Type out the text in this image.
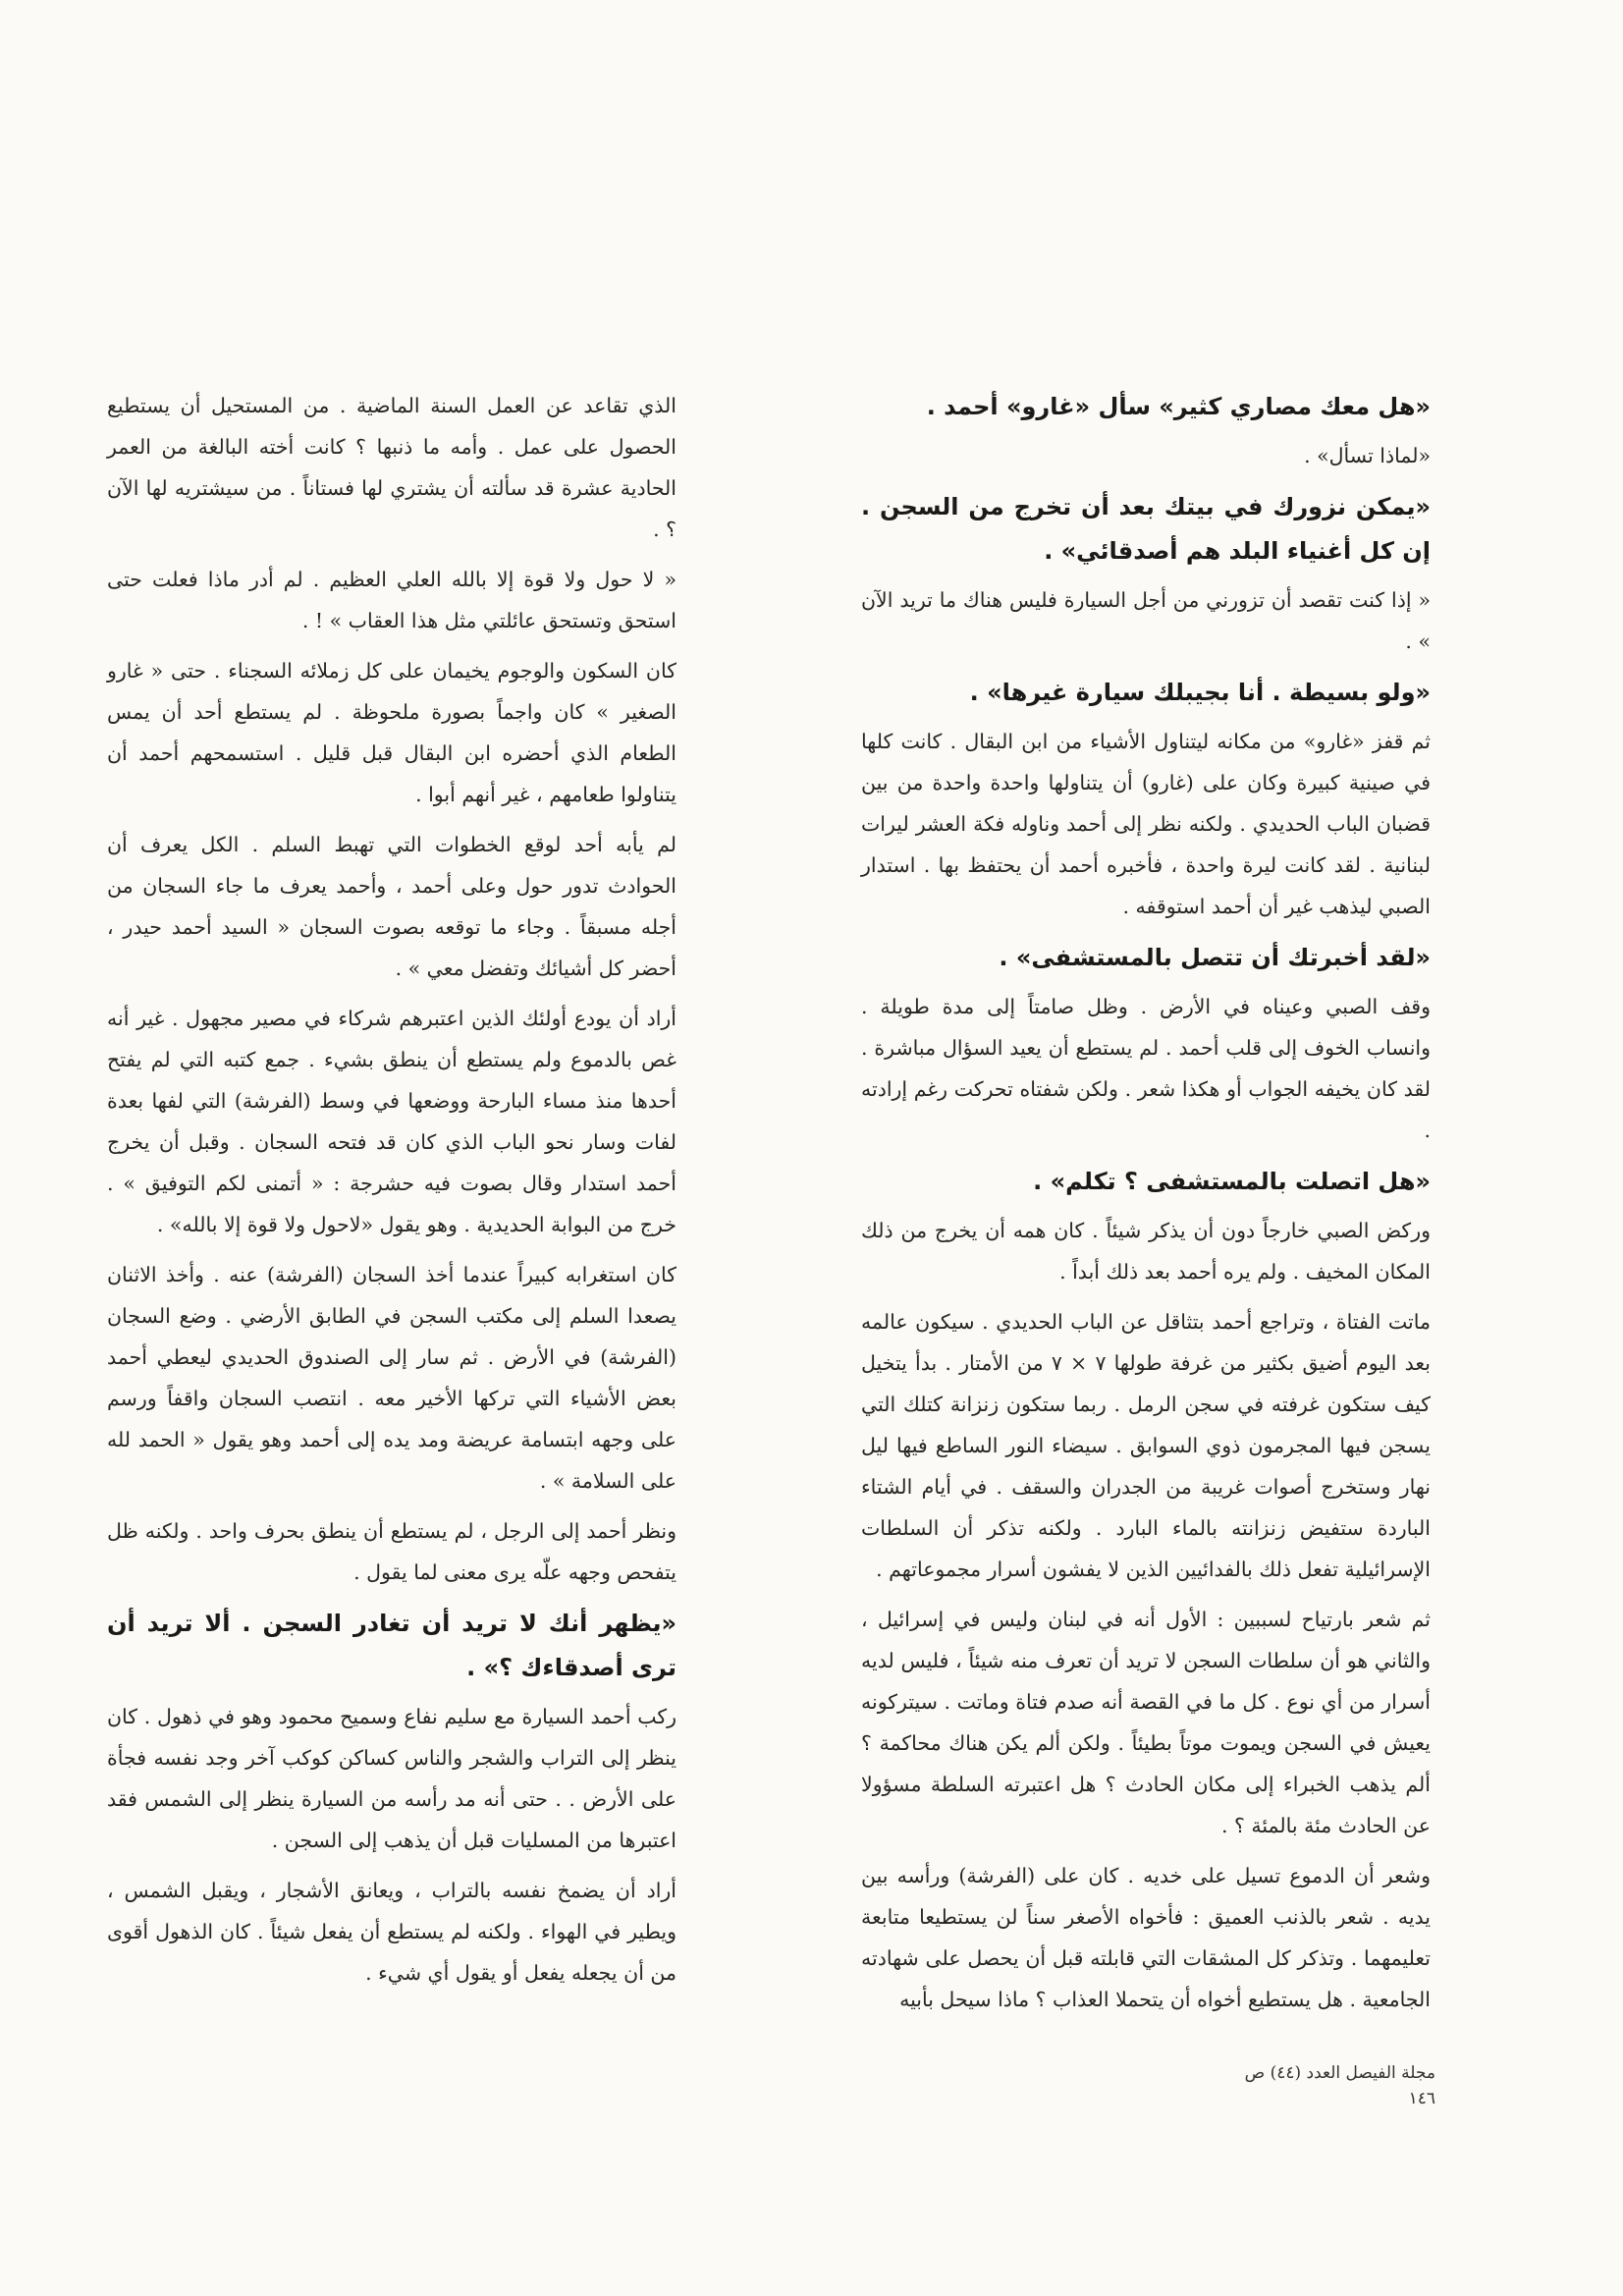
«هل معك مصاري كثير» سأل «غارو» أحمد .

«لماذا تسأل» .

«يمكن نزورك في بيتك بعد أن تخرج من السجن . إن كل أغنياء البلد هم أصدقائي» .

« إذا كنت تقصد أن تزورني من أجل السيارة فليس هناك ما تريد الآن » .

«ولو بسيطة . أنا بجيبلك سيارة غيرها» .

ثم قفز «غارو» من مكانه ليتناول الأشياء من ابن البقال . كانت كلها في صينية كبيرة وكان على (غارو) أن يتناولها واحدة واحدة من بين قضبان الباب الحديدي . ولكنه نظر إلى أحمد وناوله فكة العشر ليرات لبنانية . لقد كانت ليرة واحدة ، فأخبره أحمد أن يحتفظ بها . استدار الصبي ليذهب غير أن أحمد استوقفه .

«لقد أخبرتك أن تتصل بالمستشفى» .

وقف الصبي وعيناه في الأرض . وظل صامتاً إلى مدة طويلة . وانساب الخوف إلى قلب أحمد . لم يستطع أن يعيد السؤال مباشرة . لقد كان يخيفه الجواب أو هكذا شعر . ولكن شفتاه تحركت رغم إرادته .

«هل اتصلت بالمستشفى ؟ تكلم» .

وركض الصبي خارجاً دون أن يذكر شيئاً . كان همه أن يخرج من ذلك المكان المخيف . ولم يره أحمد بعد ذلك أبداً .

ماتت الفتاة ، وتراجع أحمد بتثاقل عن الباب الحديدي . سيكون عالمه بعد اليوم أضيق بكثير من غرفة طولها ٧ × ٧ من الأمتار . بدأ يتخيل كيف ستكون غرفته في سجن الرمل . ربما ستكون زنزانة كتلك التي يسجن فيها المجرمون ذوي السوابق . سيضاء النور الساطع فيها ليل نهار وستخرج أصوات غريبة من الجدران والسقف . في أيام الشتاء الباردة ستفيض زنزانته بالماء البارد . ولكنه تذكر أن السلطات الإسرائيلية تفعل ذلك بالفدائيين الذين لا يفشون أسرار مجموعاتهم .

ثم شعر بارتياح لسببين : الأول أنه في لبنان وليس في إسرائيل ، والثاني هو أن سلطات السجن لا تريد أن تعرف منه شيئاً ، فليس لديه أسرار من أي نوع . كل ما في القصة أنه صدم فتاة وماتت . سيتركونه يعيش في السجن ويموت موتاً بطيئاً . ولكن ألم يكن هناك محاكمة ؟ ألم يذهب الخبراء إلى مكان الحادث ؟ هل اعتبرته السلطة مسؤولا عن الحادث مئة بالمئة ؟ .

وشعر أن الدموع تسيل على خديه . كان على (الفرشة) ورأسه بين يديه . شعر بالذنب العميق : فأخواه الأصغر سناً لن يستطيعا متابعة تعليمهما . وتذكر كل المشقات التي قابلته قبل أن يحصل على شهادته الجامعية . هل يستطيع أخواه أن يتحملا العذاب ؟ ماذا سيحل بأبيه

الذي تقاعد عن العمل السنة الماضية . من المستحيل أن يستطيع الحصول على عمل . وأمه ما ذنبها ؟ كانت أخته البالغة من العمر الحادية عشرة قد سألته أن يشتري لها فستاناً . من سيشتريه لها الآن ؟ .

« لا حول ولا قوة إلا بالله العلي العظيم . لم أدر ماذا فعلت حتى استحق وتستحق عائلتي مثل هذا العقاب » ! .

كان السكون والوجوم يخيمان على كل زملائه السجناء . حتى « غارو الصغير » كان واجماً بصورة ملحوظة . لم يستطع أحد أن يمس الطعام الذي أحضره ابن البقال قبل قليل . استسمحهم أحمد أن يتناولوا طعامهم ، غير أنهم أبوا .

لم يأبه أحد لوقع الخطوات التي تهبط السلم . الكل يعرف أن الحوادث تدور حول وعلى أحمد ، وأحمد يعرف ما جاء السجان من أجله مسبقاً . وجاء ما توقعه بصوت السجان « السيد أحمد حيدر ، أحضر كل أشيائك وتفضل معي » .

أراد أن يودع أولئك الذين اعتبرهم شركاء في مصير مجهول . غير أنه غص بالدموع ولم يستطع أن ينطق بشيء . جمع كتبه التي لم يفتح أحدها منذ مساء البارحة ووضعها في وسط (الفرشة) التي لفها بعدة لفات وسار نحو الباب الذي كان قد فتحه السجان . وقبل أن يخرج أحمد استدار وقال بصوت فيه حشرجة : « أتمنى لكم التوفيق » . خرج من البوابة الحديدية . وهو يقول «لاحول ولا قوة إلا بالله» .

كان استغرابه كبيراً عندما أخذ السجان (الفرشة) عنه . وأخذ الاثنان يصعدا السلم إلى مكتب السجن في الطابق الأرضي . وضع السجان (الفرشة) في الأرض . ثم سار إلى الصندوق الحديدي ليعطي أحمد بعض الأشياء التي تركها الأخير معه . انتصب السجان واقفاً ورسم على وجهه ابتسامة عريضة ومد يده إلى أحمد وهو يقول « الحمد لله على السلامة » .

ونظر أحمد إلى الرجل ، لم يستطع أن ينطق بحرف واحد . ولكنه ظل يتفحص وجهه علّه يرى معنى لما يقول .

«يظهر أنك لا تريد أن تغادر السجن . ألا تريد أن ترى أصدقاءك ؟» .

ركب أحمد السيارة مع سليم نفاع وسميح محمود وهو في ذهول . كان ينظر إلى التراب والشجر والناس كساكن كوكب آخر وجد نفسه فجأة على الأرض . . حتى أنه مد رأسه من السيارة ينظر إلى الشمس فقد اعتبرها من المسليات قبل أن يذهب إلى السجن .

أراد أن يضمخ نفسه بالتراب ، ويعانق الأشجار ، ويقبل الشمس ، ويطير في الهواء . ولكنه لم يستطع أن يفعل شيئاً . كان الذهول أقوى من أن يجعله يفعل أو يقول أي شيء .

مجلة الفيصل العدد (٤٤) ص ١٤٦
